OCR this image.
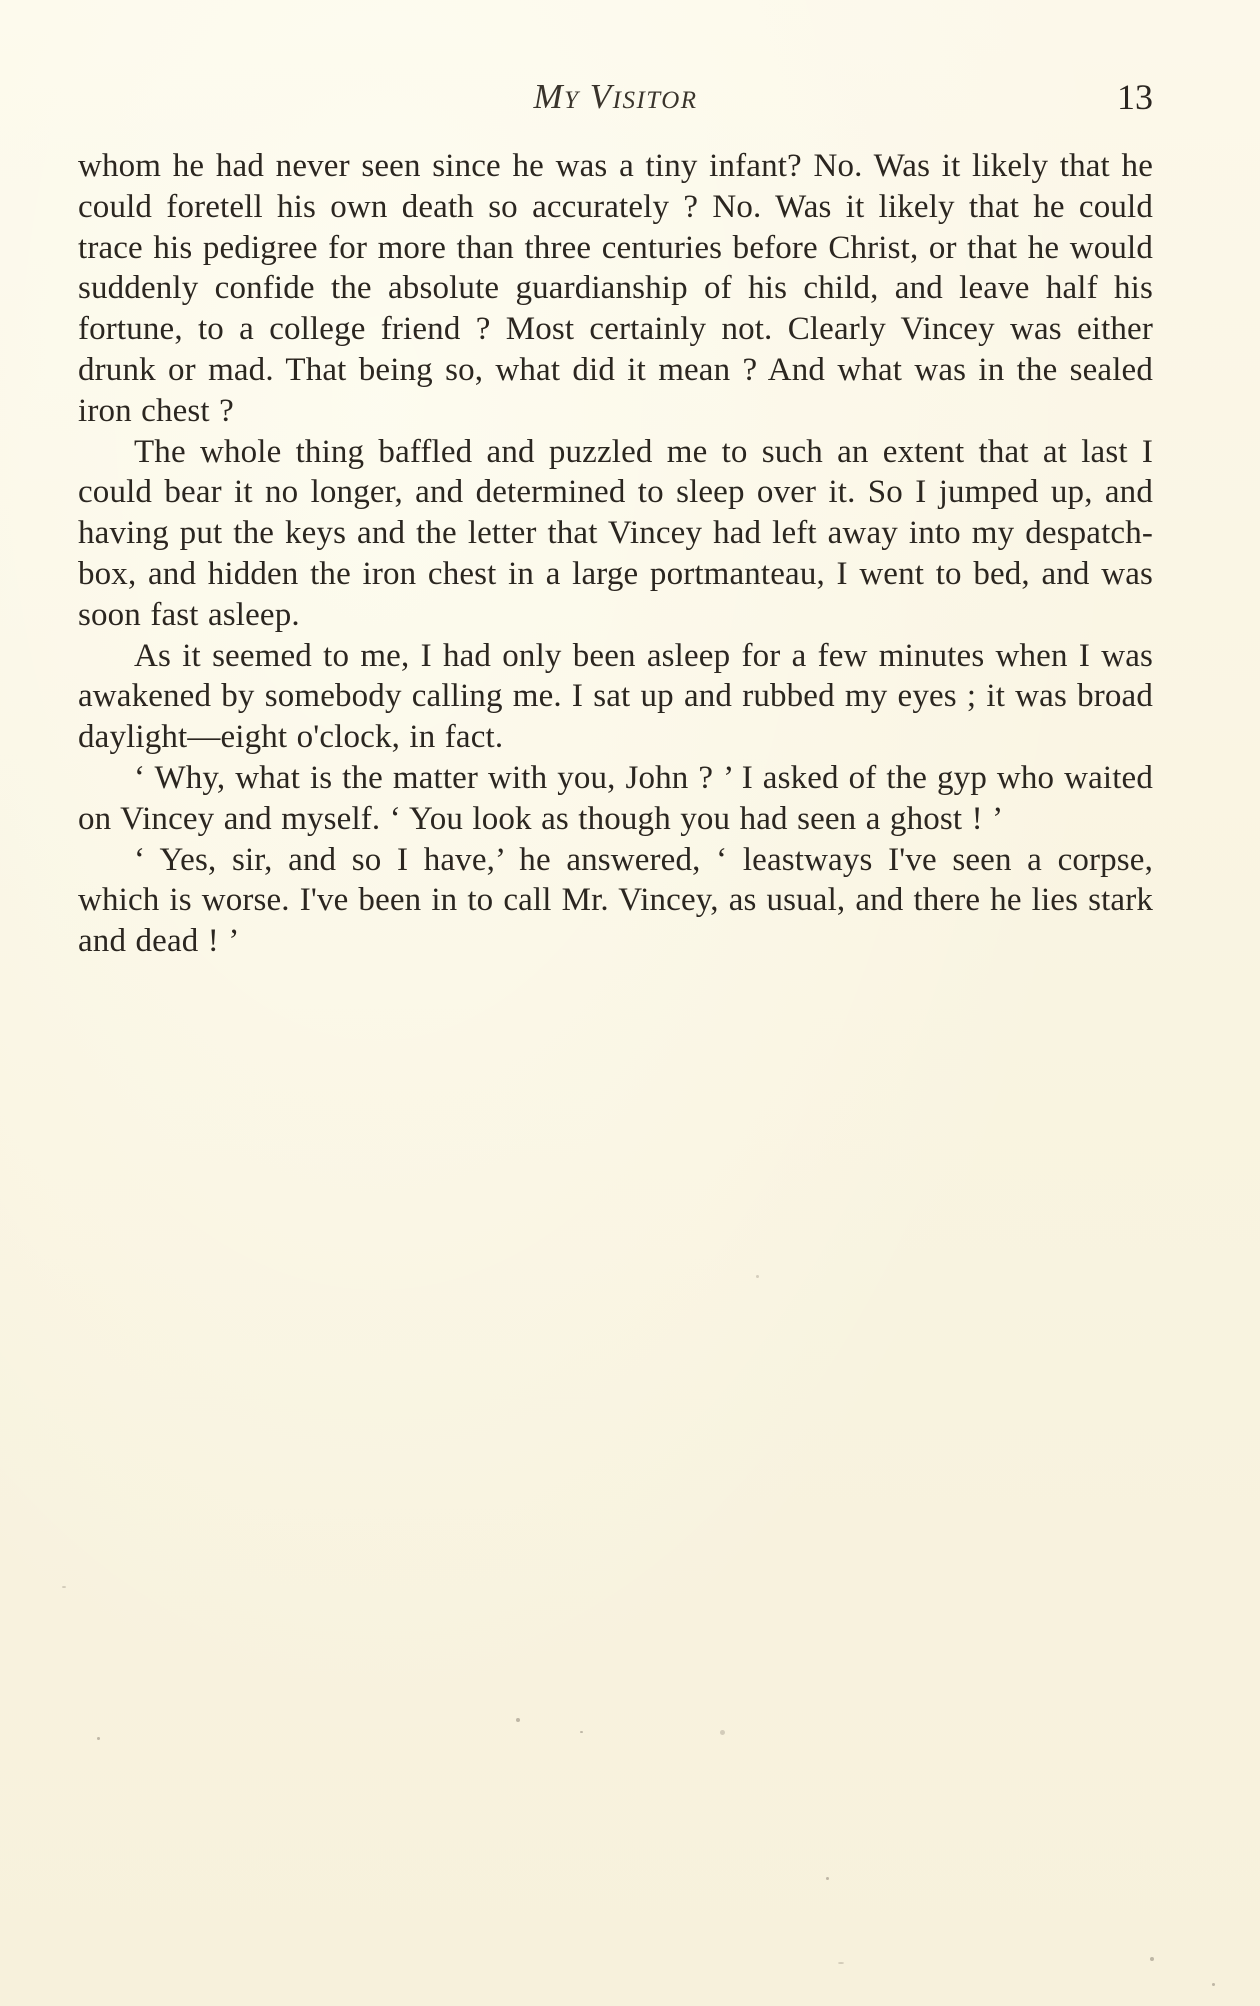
My Visitor	13

whom he had never seen since he was a tiny infant? No. Was it likely that he could foretell his own death so accurately ? No. Was it likely that he could trace his pedigree for more than three centuries before Christ, or that he would suddenly confide the absolute guardianship of his child, and leave half his fortune, to a college friend ? Most certainly not. Clearly Vincey was either drunk or mad. That being so, what did it mean ? And what was in the sealed iron chest ?

The whole thing baffled and puzzled me to such an extent that at last I could bear it no longer, and determined to sleep over it. So I jumped up, and having put the keys and the letter that Vincey had left away into my despatch-box, and hidden the iron chest in a large portmanteau, I went to bed, and was soon fast asleep.

As it seemed to me, I had only been asleep for a few minutes when I was awakened by somebody calling me. I sat up and rubbed my eyes ; it was broad daylight—eight o'clock, in fact.

‘ Why, what is the matter with you, John ? ’ I asked of the gyp who waited on Vincey and myself. ‘ You look as though you had seen a ghost ! ’

‘ Yes, sir, and so I have,’ he answered, ‘ leastways I've seen a corpse, which is worse. I've been in to call Mr. Vincey, as usual, and there he lies stark and dead ! ’
